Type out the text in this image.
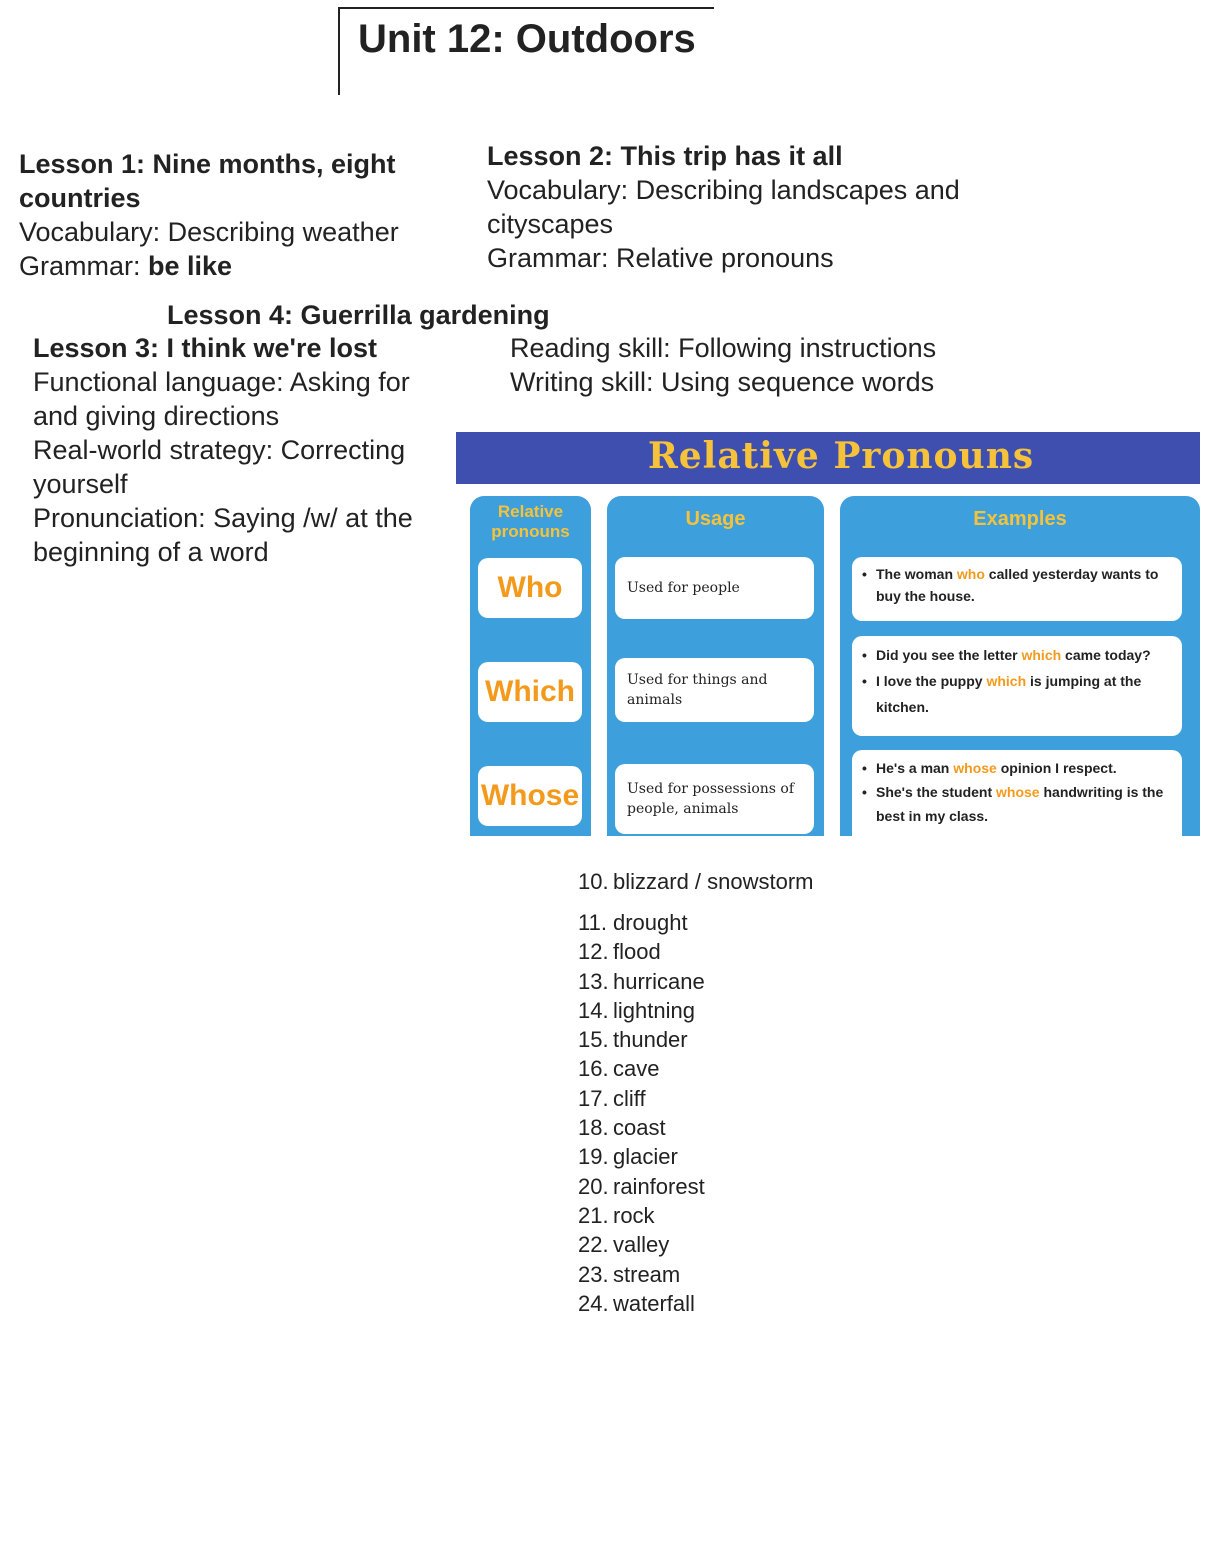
Unit 12: Outdoors

Lesson 1: Nine months, eight

countries

Vocabulary: Describing weather

Grammar: be like

Lesson 2: This trip has it all

Vocabulary: Describing landscapes and

cityscapes

Grammar: Relative pronouns

Lesson 4: Guerrilla gardening

Lesson 3: I think we're lost

Functional language: Asking for

and giving directions

Real-world strategy: Correcting

yourself

Pronunciation: Saying /w/ at the

beginning of a word

Reading skill: Following instructions

Writing skill: Using sequence words

Relative Pronouns
Relative
pronouns
Who
Which
Whose
Usage
Used for people
Used for things and animals
Used for possessions of people, animals
Examples
• The woman who called yesterday wants to buy the house.
• Did you see the letter which came today?
• I love the puppy which is jumping at the kitchen.
• He's a man whose opinion I respect.
• She's the student whose handwriting is the best in my class.
10. blizzard / snowstorm
11. drought
12. flood
13. hurricane
14. lightning
15. thunder
16. cave
17. cliff
18. coast
19. glacier
20. rainforest
21. rock
22. valley
23. stream
24. waterfall
